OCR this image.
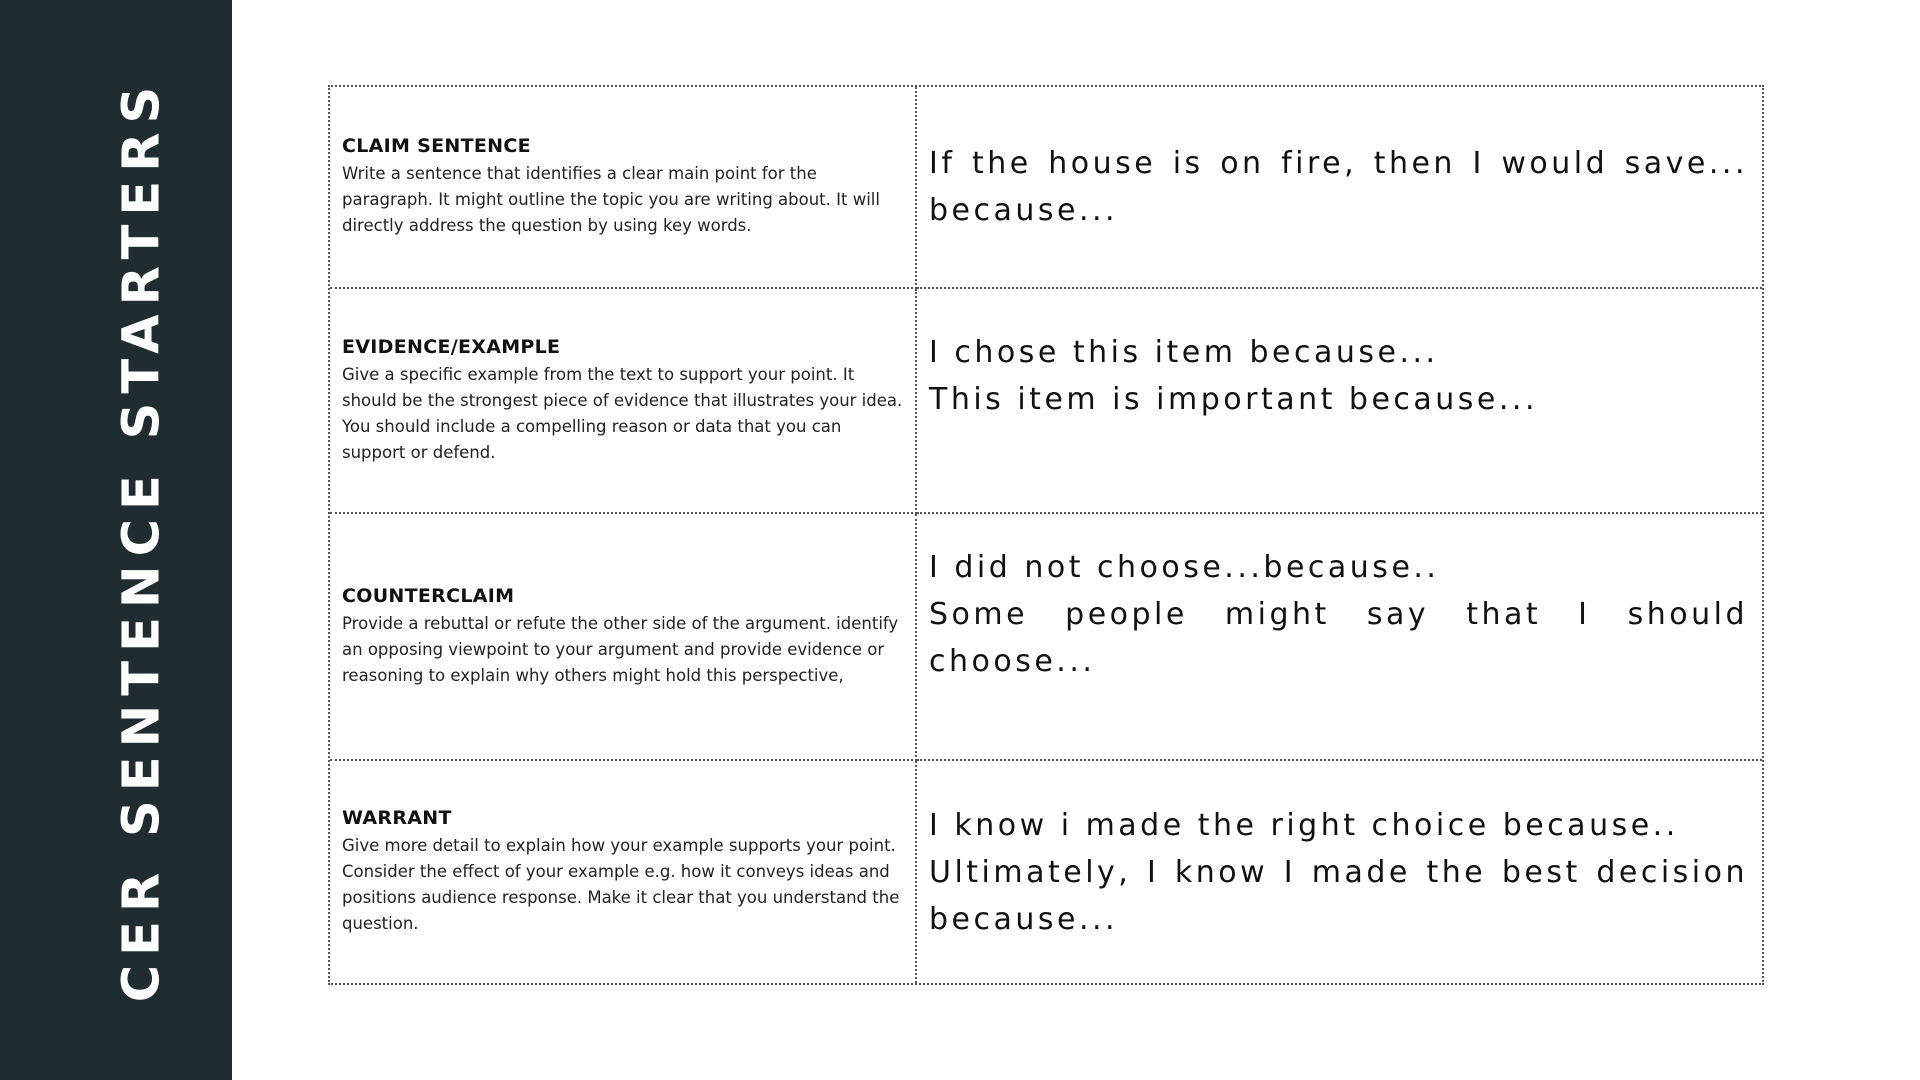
CER SENTENCE STARTERS	CLAIM SENTENCE
Write a sentence that identifies a clear main point for the paragraph. It might outline the topic you are writing about. It will directly address the question by using key words.
If the house is on fire, then I would save... because...
EVIDENCE/EXAMPLE
Give a specific example from the text to support your point. It should be the strongest piece of evidence that illustrates your idea. You should include a compelling reason or data that you can support or defend.
I chose this item because...
This item is important because...
COUNTERCLAIM
Provide a rebuttal or refute the other side of the argument. identify an opposing viewpoint to your argument and provide evidence or reasoning to explain why others might hold this perspective,
I did not choose...because..
Some people might say that I should choose...
WARRANT
Give more detail to explain how your example supports your point. Consider the effect of your example e.g. how it conveys ideas and positions audience response. Make it clear that you understand the question.
I know i made the right choice because..
Ultimately, I know I made the best decision because...
